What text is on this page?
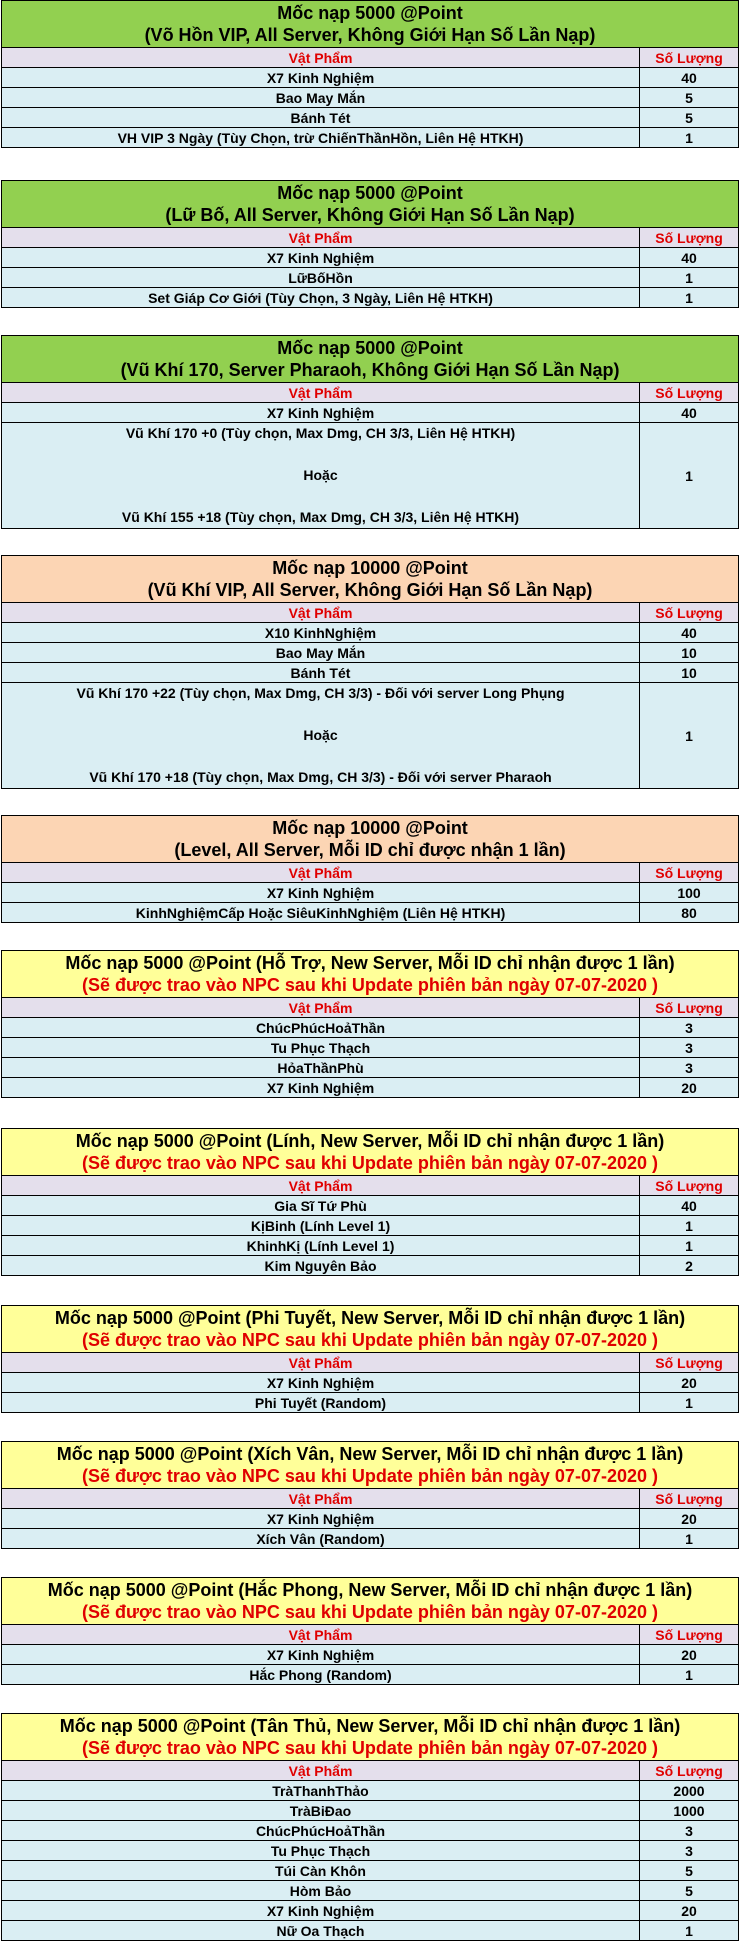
Mốc nạp 5000 @Point
(Võ Hồn VIP, All Server, Không Giới Hạn Số Lần Nạp)	

Vật Phẩm	Số Lượng
X7 Kinh Nghiệm	40
Bao May Mắn	5
Bánh Tét	5
VH VIP 3 Ngày (Tùy Chọn, trừ ChiếnThầnHồn, Liên Hệ HTKH)	1
Mốc nạp 5000 @Point
(Lữ Bố, All Server, Không Giới Hạn Số Lần Nạp)	

Vật Phẩm	Số Lượng
X7 Kinh Nghiệm	40
LữBốHồn	1
Set Giáp Cơ Giới (Tùy Chọn, 3 Ngày, Liên Hệ HTKH)	1
Mốc nạp 5000 @Point
(Vũ Khí 170, Server Pharaoh, Không Giới Hạn Số Lần Nạp)	

Vật Phẩm	Số Lượng
X7 Kinh Nghiệm	40

Vũ Khí 170 +0 (Tùy chọn, Max Dmg, CH 3/3, Liên Hệ HTKH)

Hoặc

Vũ Khí 155 +18 (Tùy chọn, Max Dmg, CH 3/3, Liên Hệ HTKH)	1
Mốc nạp 10000 @Point
(Vũ Khí VIP, All Server, Không Giới Hạn Số Lần Nạp)	

Vật Phẩm	Số Lượng
X10 KinhNghiệm	40
Bao May Mắn	10
Bánh Tét	10

Vũ Khí 170 +22 (Tùy chọn, Max Dmg, CH 3/3) - Đối với server Long Phụng

Hoặc

Vũ Khí 170 +18 (Tùy chọn, Max Dmg, CH 3/3) - Đối với server Pharaoh	1
Mốc nạp 10000 @Point
(Level, All Server, Mỗi ID chỉ được nhận 1 lần)	

Vật Phẩm	Số Lượng
X7 Kinh Nghiệm	100
KinhNghiệmCấp Hoặc SiêuKinhNghiệm (Liên Hệ HTKH)	80
Mốc nạp 5000 @Point (Hỗ Trợ, New Server, Mỗi ID chỉ nhận được 1 lần)
(Sẽ được trao vào NPC sau khi Update phiên bản ngày 07-07-2020 )	

Vật Phẩm	Số Lượng
ChúcPhúcHoảThần	3
Tu Phục Thạch	3
HỏaThầnPhù	3
X7 Kinh Nghiệm	20
Mốc nạp 5000 @Point (Lính, New Server, Mỗi ID chỉ nhận được 1 lần)
(Sẽ được trao vào NPC sau khi Update phiên bản ngày 07-07-2020 )	

Vật Phẩm	Số Lượng
Gia Sĩ Tứ Phù	40
KịBinh (Lính Level 1)	1
KhinhKị (Lính Level 1)	1
Kim Nguyên Bảo	2
Mốc nạp 5000 @Point (Phi Tuyết, New Server, Mỗi ID chỉ nhận được 1 lần)
(Sẽ được trao vào NPC sau khi Update phiên bản ngày 07-07-2020 )	

Vật Phẩm	Số Lượng
X7 Kinh Nghiệm	20
Phi Tuyết (Random)	1
Mốc nạp 5000 @Point (Xích Vân, New Server, Mỗi ID chỉ nhận được 1 lần)
(Sẽ được trao vào NPC sau khi Update phiên bản ngày 07-07-2020 )	

Vật Phẩm	Số Lượng
X7 Kinh Nghiệm	20
Xích Vân (Random)	1
Mốc nạp 5000 @Point (Hắc Phong, New Server, Mỗi ID chỉ nhận được 1 lần)
(Sẽ được trao vào NPC sau khi Update phiên bản ngày 07-07-2020 )	

Vật Phẩm	Số Lượng
X7 Kinh Nghiệm	20
Hắc Phong (Random)	1
Mốc nạp 5000 @Point (Tân Thủ, New Server, Mỗi ID chỉ nhận được 1 lần)
(Sẽ được trao vào NPC sau khi Update phiên bản ngày 07-07-2020 )	

Vật Phẩm	Số Lượng
TràThanhThảo	2000
TràBiĐao	1000
ChúcPhúcHoảThần	3
Tu Phục Thạch	3
Túi Càn Khôn	5
Hòm Bảo	5
X7 Kinh Nghiệm	20
Nữ Oa Thạch	1
